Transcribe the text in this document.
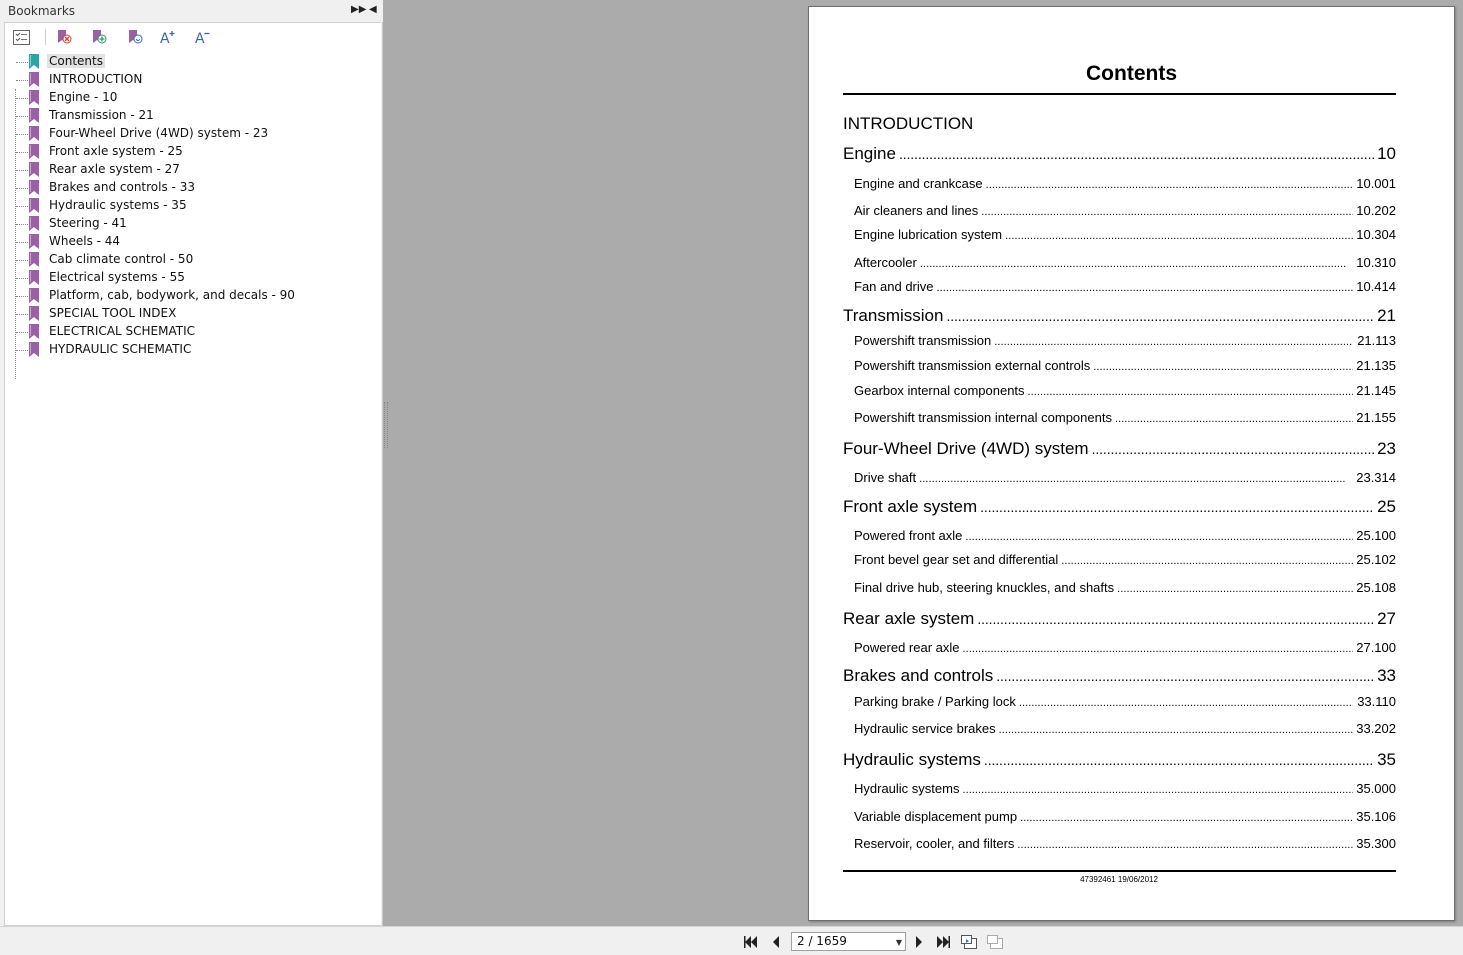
Bookmarks	▶▶ ◀
A A
Contents
INTRODUCTION
Engine - 10
Transmission - 21
Four-Wheel Drive (4WD) system - 23
Front axle system - 25
Rear axle system - 27
Brakes and controls - 33
Hydraulic systems - 35
Steering - 41
Wheels - 44
Cab climate control - 50
Electrical systems - 55
Platform, cab, bodywork, and decals - 90
SPECIAL TOOL INDEX
ELECTRICAL SCHEMATIC
HYDRAULIC SCHEMATIC
Contents
INTRODUCTION
Engine . . .	10
Engine and crankcase . . .	10.001
Air cleaners and lines . . .	10.202
Engine lubrication system . . .	10.304
Aftercooler . . .	10.310
Fan and drive . . .	10.414
Transmission . . .	21
Powershift transmission . . .	21.113
Powershift transmission external controls . . .	21.135
Gearbox internal components . . .	21.145
Powershift transmission internal components . . .	21.155
Four-Wheel Drive (4WD) system . . .	23
Drive shaft . . .	23.314
Front axle system . . .	25
Powered front axle . . .	25.100
Front bevel gear set and differential . . .	25.102
Final drive hub, steering knuckles, and shafts . . .	25.108
Rear axle system . . .	27
Powered rear axle . . .	27.100
Brakes and controls . . .	33
Parking brake / Parking lock . . .	33.110
Hydraulic service brakes . . .	33.202
Hydraulic systems . . .	35
Hydraulic systems . . .	35.000
Variable displacement pump . . .	35.106
Reservoir, cooler, and filters . . .	35.300
47392461 19/06/2012
2 / 1659	▼
